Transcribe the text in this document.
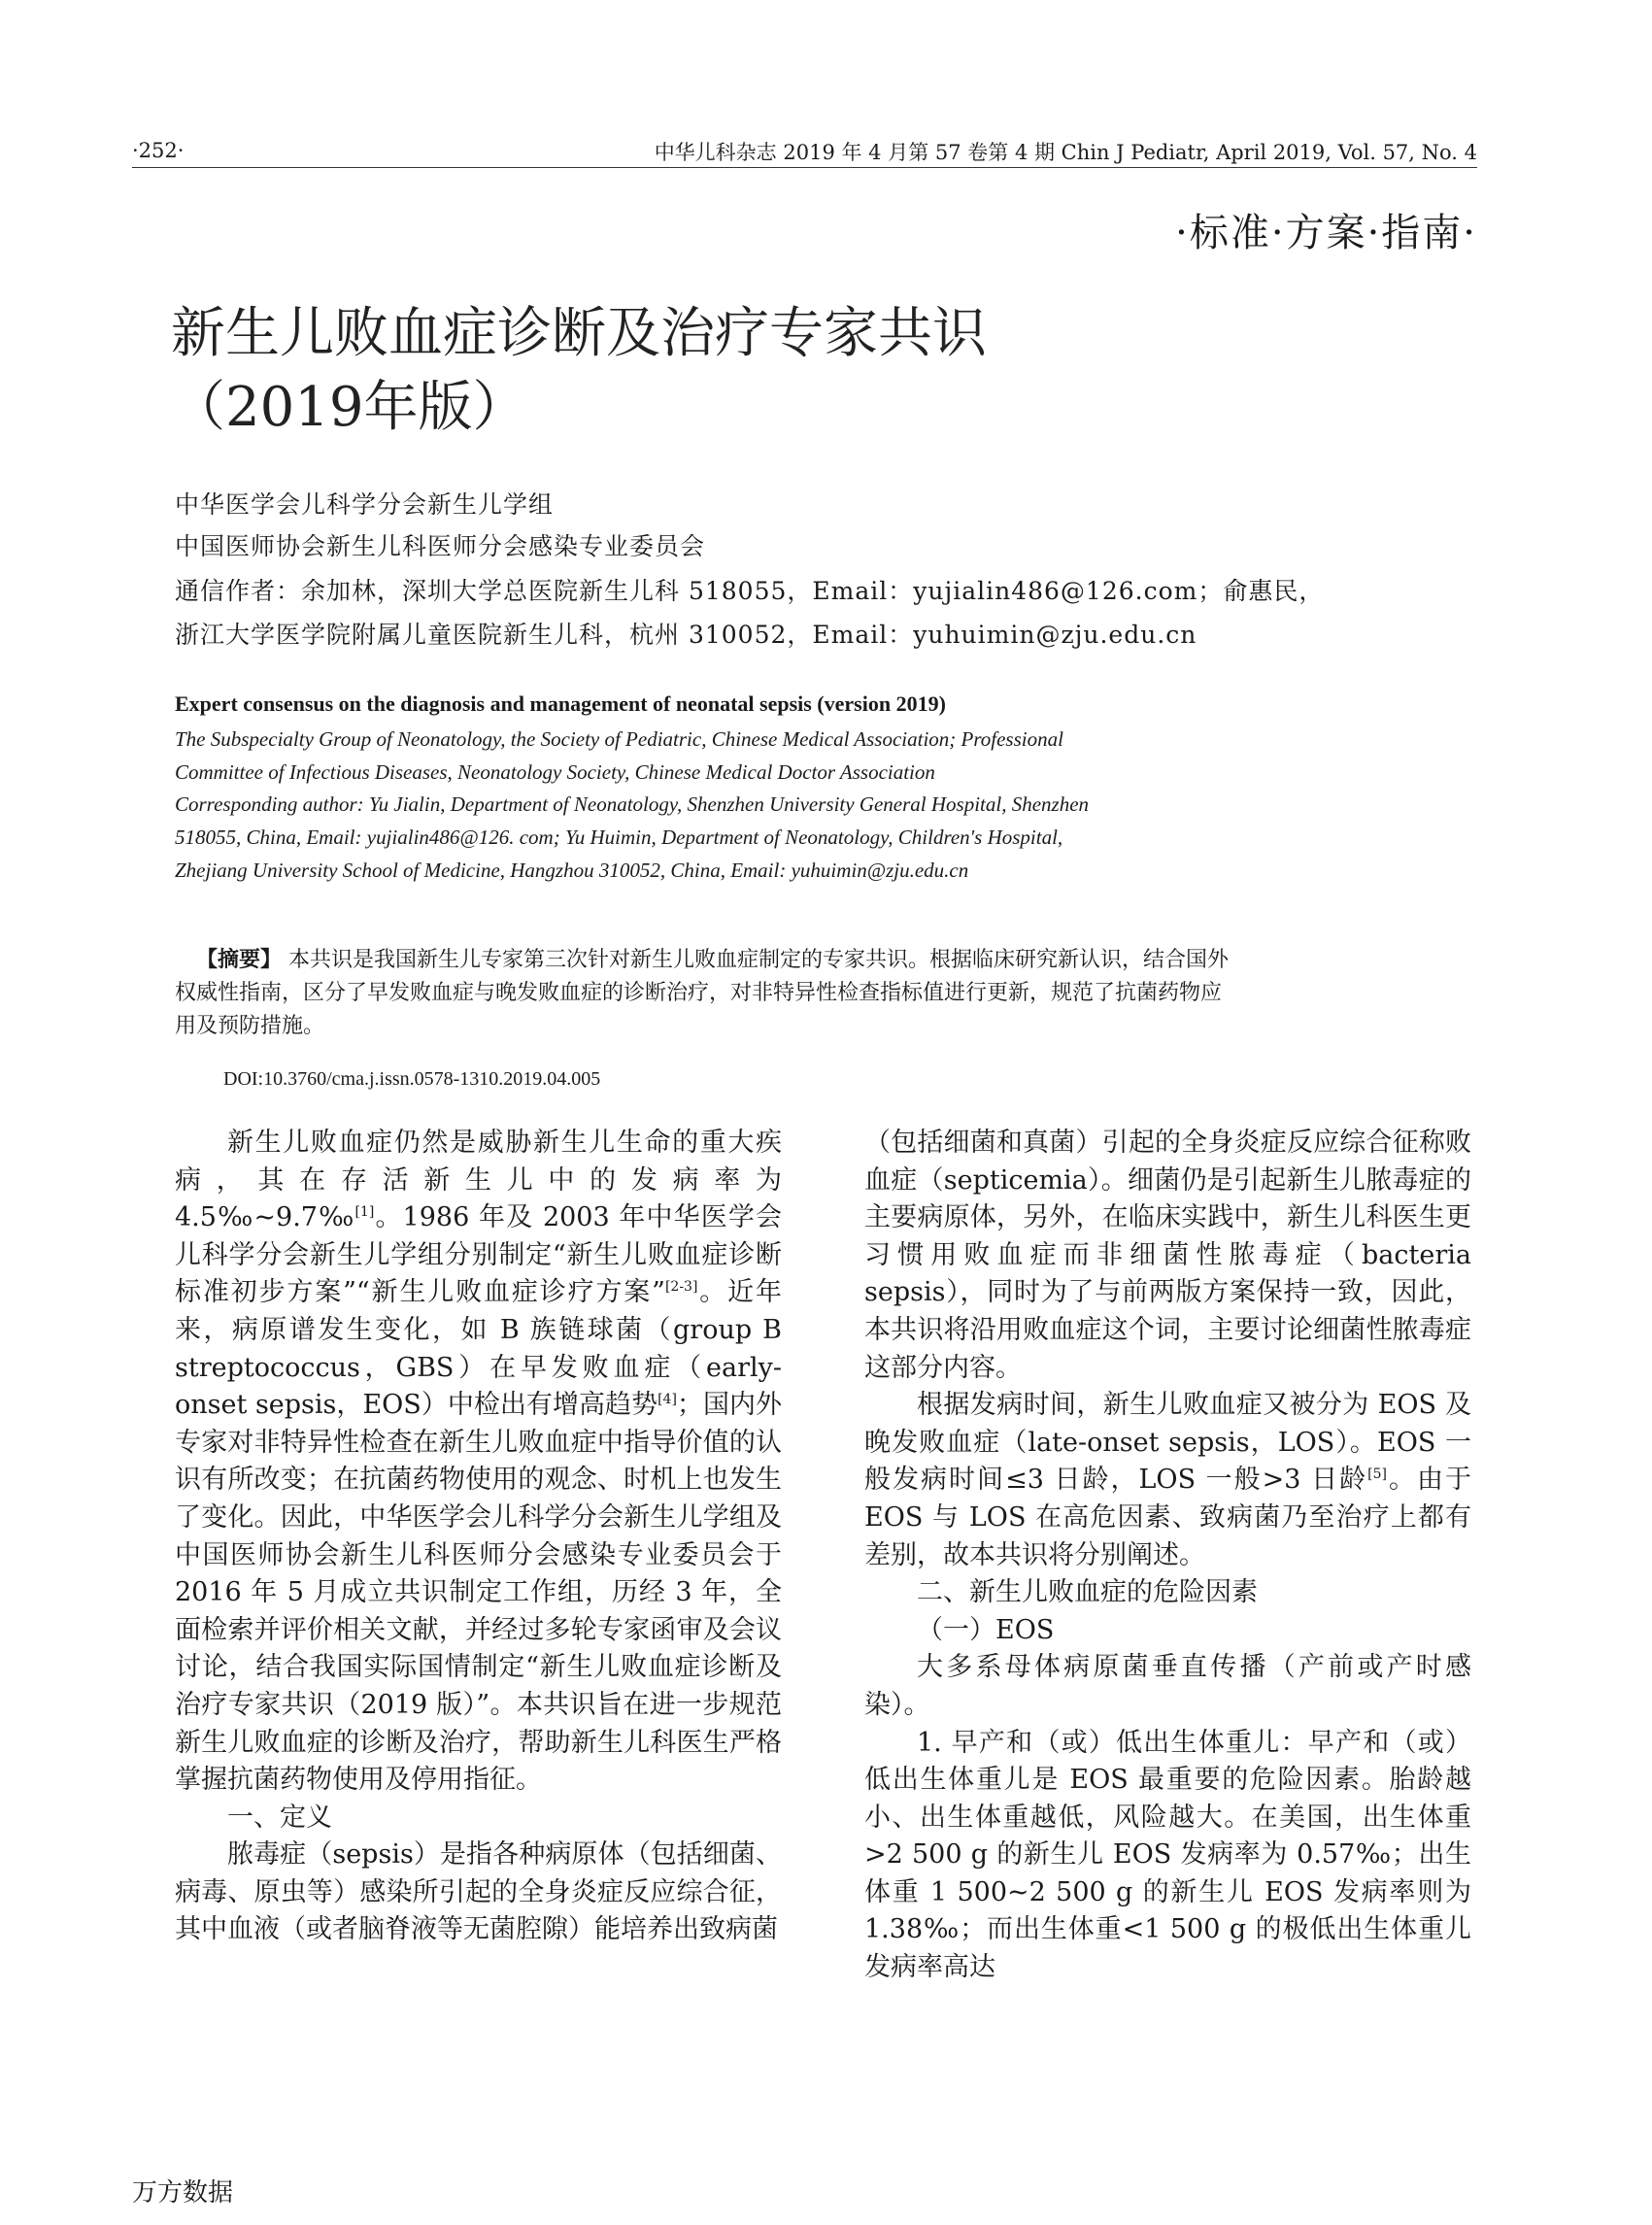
·252·	中华儿科杂志 2019 年 4 月第 57 卷第 4 期 Chin J Pediatr, April 2019, Vol. 57, No. 4
·标准·方案·指南·
新生儿败血症诊断及治疗专家共识
（2019年版）
中华医学会儿科学分会新生儿学组
中国医师协会新生儿科医师分会感染专业委员会
通信作者：余加林，深圳大学总医院新生儿科 518055，Email：yujialin486@126.com；俞惠民，
浙江大学医学院附属儿童医院新生儿科，杭州 310052，Email：yuhuimin@zju.edu.cn
Expert consensus on the diagnosis and management of neonatal sepsis (version 2019)
The Subspecialty Group of Neonatology, the Society of Pediatric, Chinese Medical Association; Professional
Committee of Infectious Diseases, Neonatology Society, Chinese Medical Doctor Association
Corresponding author: Yu Jialin, Department of Neonatology, Shenzhen University General Hospital, Shenzhen
518055, China, Email: yujialin486@126. com; Yu Huimin, Department of Neonatology, Children's Hospital,
Zhejiang University School of Medicine, Hangzhou 310052, China, Email: yuhuimin@zju.edu.cn
【摘要】 本共识是我国新生儿专家第三次针对新生儿败血症制定的专家共识。根据临床研究新认识，结合国外权威性指南，区分了早发败血症与晚发败血症的诊断治疗，对非特异性检查指标值进行更新，规范了抗菌药物应用及预防措施。
DOI:10.3760/cma.j.issn.0578-1310.2019.04.005

新生儿败血症仍然是威胁新生儿生命的重大疾病，其在存活新生儿中的发病率为 4.5‰~9.7‰[1]。1986 年及 2003 年中华医学会儿科学分会新生儿学组分别制定“新生儿败血症诊断标准初步方案”“新生儿败血症诊疗方案”[2-3]。近年来，病原谱发生变化，如 B 族链球菌（group B streptococcus，GBS）在早发败血症（early-onset sepsis，EOS）中检出有增高趋势[4]；国内外专家对非特异性检查在新生儿败血症中指导价值的认识有所改变；在抗菌药物使用的观念、时机上也发生了变化。因此，中华医学会儿科学分会新生儿学组及中国医师协会新生儿科医师分会感染专业委员会于 2016 年 5 月成立共识制定工作组，历经 3 年，全面检索并评价相关文献，并经过多轮专家函审及会议讨论，结合我国实际国情制定“新生儿败血症诊断及治疗专家共识（2019 版）”。本共识旨在进一步规范新生儿败血症的诊断及治疗，帮助新生儿科医生严格掌握抗菌药物使用及停用指征。

一、定义

脓毒症（sepsis）是指各种病原体（包括细菌、病毒、原虫等）感染所引起的全身炎症反应综合征，其中血液（或者脑脊液等无菌腔隙）能培养出致病菌

（包括细菌和真菌）引起的全身炎症反应综合征称败血症（septicemia）。细菌仍是引起新生儿脓毒症的主要病原体，另外，在临床实践中，新生儿科医生更习惯用败血症而非细菌性脓毒症（bacteria sepsis），同时为了与前两版方案保持一致，因此，本共识将沿用败血症这个词，主要讨论细菌性脓毒症这部分内容。

根据发病时间，新生儿败血症又被分为 EOS 及晚发败血症（late-onset sepsis，LOS）。EOS 一般发病时间≤3 日龄，LOS 一般>3 日龄[5]。由于 EOS 与 LOS 在高危因素、致病菌乃至治疗上都有差别，故本共识将分别阐述。

二、新生儿败血症的危险因素

（一）EOS

大多系母体病原菌垂直传播（产前或产时感染）。

1. 早产和（或）低出生体重儿：早产和（或）低出生体重儿是 EOS 最重要的危险因素。胎龄越小、出生体重越低，风险越大。在美国，出生体重>2 500 g 的新生儿 EOS 发病率为 0.57‰；出生体重 1 500~2 500 g 的新生儿 EOS 发病率则为 1.38‰；而出生体重<1 500 g 的极低出生体重儿发病率高达

万方数据
